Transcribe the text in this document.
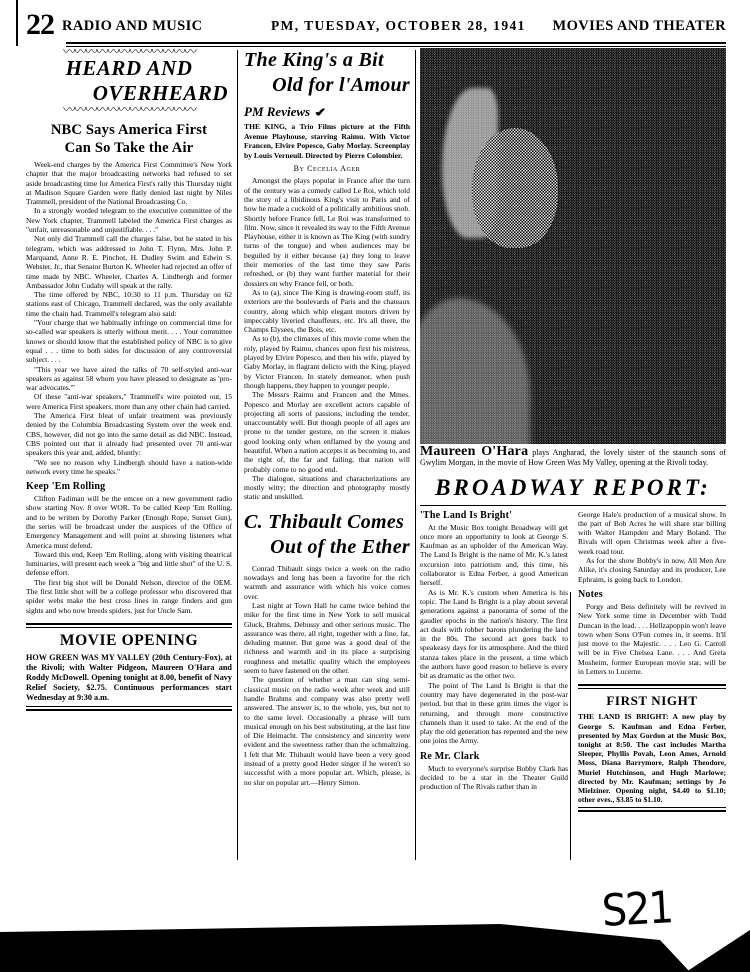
22 RADIO AND MUSIC	PM, TUESDAY, OCTOBER 28, 1941 MOVIES AND THEATER
〰〰〰〰〰〰〰〰〰〰〰〰
HEARD AND
OVERHEARD
〰〰〰〰〰〰〰〰〰〰〰〰
NBC Says America First
Can So Take the Air

Week-end charges by the America First Committee's New York chapter that the major broadcasting networks had refused to set aside broadcasting time for America First's rally this Thursday night at Madison Square Garden were flatly denied last night by Niles Trammell, president of the National Broadcasting Co.

In a strongly worded telegram to the executive committee of the New York chapter, Trammell labeled the America First charges as "unfair, unreasonable and unjustifiable. . . ."

Not only did Trammell call the charges false, but he stated in his telegram, which was addressed to John T. Flynn, Mrs. John P. Marquand, Anne R. E. Pinchot, H. Dudley Swim and Edwin S. Webster, Jr., that Senator Burton K. Wheeler had rejected an offer of time made by NBC. Wheeler, Charles A. Lindbergh and former Ambassador John Cudahy will speak at the rally.

The time offered by NBC, 10:30 to 11 p.m. Thursday on 62 stations east of Chicago, Trammell declared, was the only available time the chain had. Trammell's telegram also said:

"Your charge that we habitually infringe on commercial time for so-called war speakers is utterly without merit. . . . Your committee knows or should know that the established policy of NBC is to give equal . . . time to both sides for discussion of any controversial subject. . . .

"This year we have aired the talks of 70 self-styled anti-war speakers as against 58 whom you have pleased to designate as 'pro-war advocates.'"

Of these "anti-war speakers," Trammell's wire pointed out, 15 were America First speakers, more than any other chain had carried.

The America First bleat of unfair treatment was previously denied by the Columbia Broadcasting System over the week end. CBS, however, did not go into the same detail as did NBC. Instead, CBS pointed out that it already had presented over 70 anti-war speakers this year and, added, bluntly:

"We see no reason why Lindbergh should have a nation-wide network every time he speaks."

Keep 'Em Rolling

Clifton Fadiman will be the emcee on a new government radio show starting Nov. 8 over WOR. To be called Keep 'Em Rolling, and to be written by Dorothy Parker (Enough Rope, Sunset Gun), the series will be broadcast under the auspices of the Office of Emergency Management and will point at showing listeners what America must defend.

Toward this end, Keep 'Em Rolling, along with visiting theatrical luminaries, will present each week a "big and little shot" of the U. S. defense effort.

The first big shot will be Donald Nelson, director of the OEM. The first little shot will be a college professor who discovered that spider webs make the best cross lines in range finders and gun sights and who now breeds spiders, just for Uncle Sam.

MOVIE OPENING
HOW GREEN WAS MY VALLEY (20th Century-Fox), at the Rivoli; with Walter Pidgeon, Maureen O'Hara and Roddy McDowell. Opening tonight at 8.00, benefit of Navy Relief Society, $2.75. Continuous performances start Wednesday at 9:30 a.m.
The King's a Bit
Old for l'Amour
PM Reviews ✔
THE KING, a Trio Films picture at the Fifth Avenue Playhouse, starring Raimu. With Victor Francen, Elvire Popesco, Gaby Morlay. Screenplay by Louis Verneuil. Directed by Pierre Colombier.
By Cecelia Ager

Amongst the plays popular in France after the turn of the century was a comedy called Le Roi, which told the story of a libidinous King's visit to Paris and of how he made a cuckold of a politically ambitious snob. Shortly before France fell, Le Roi was transformed to film. Now, since it revealed its way to the Fifth Avenue Playhouse, either it is known as The King (with sundry turns of the tongue) and when audiences may be beguiled by it either because (a) they long to leave their memories of the last time they saw Paris refreshed, or (b) they want further material for their dossiers on why France fell, or both.

As to (a), since The King is drawing-room stuff, its exteriors are the boulevards of Paris and the chateaux country, along which whip elegant motors driven by impeccably liveried chauffeurs, etc. It's all there, the Champs Elysees, the Bois, etc.

As to (b), the climaxes of this movie come when the roly, played by Raimu, chances upon first his mistress, played by Elvire Popesco, and then his wife, played by Gaby Morlay, in flagrant delicto with the King, played by Victor Francen. In stately demeanor, when push though happens, they happen to younger people.

The Messrs Raimu and Francen and the Mmes. Popesco and Morlay are excellent actors capable of projecting all sorts of passions, including the tender, unaccountably well. But though people of all ages are prone to the tender gesture, on the screen it makes good looking only when enflamed by the young and beautiful. When a nation accepts it as becoming to, and the right of, the far and failing, that nation will probably come to no good end.

The dialogue, situations and characterizations are mostly witty; the direction and photography mostly static and unskilled.

C. Thibault Comes
Out of the Ether

Conrad Thibault sings twice a week on the radio nowadays and long has been a favorite for the rich warmth and assurance with which his voice comes over.

Last night at Town Hall he came twice behind the mike for the first time in New York to sell musical Gluck, Brahms, Debussy and other serious music. The assurance was there, all right, together with a fine, fat, deluding manner. But gone was a good deal of the richness and warmth and in its place a surprising roughness and metallic quality which the employees seem to have fastened on the other.

The question of whether a man can sing semi-classical music on the radio week after week and still handle Brahms and company was also pretty well answered. The answer is, to the whole, yes, but not to to the same level. Occasionally a phrase will turn musical enough on his best substituting, at the last line of Die Heimacht. The consistency and sincerity were evident and the sweetness rather than the schmaltzing. I felt that Mr. Thibault would have been a very good instead of a pretty good Heder singer if he weren't so successful with a more popular art. Which, please, is no slur on popular art.—Henry Simon.

Maureen O'Hara plays Angharad, the lovely sister of the staunch sons of Gwylim Morgan, in the movie of How Green Was My Valley, opening at the Rivoli today.
BROADWAY REPORT:
'The Land Is Bright'

At the Music Box tonight Broadway will get once more an opportunity to look at George S. Kaufman as an upholder of the American Way. The Land Is Bright is the name of Mr. K.'s latest excursion into patriotism and, this time, his collaborator is Edna Ferber, a good American herself.

As is Mr. K.'s custom when America is his topic. The Land Is Bright is a play about several generations against a panorama of some of the gaudier epochs in the nation's history. The first act deals with robber barons plundering the land in the 80s. The second act goes back to speakeasy days for its atmosphere. And the third stanza takes place in the present, a time which the authors have good reason to believe is every bit as dramatic as the other two.

The point of The Land Is Bright is that the country may have degenerated in the post-war period, but that in these grim times the vigor is returning, and through more constructive channels than it used to take. At the end of the play the old generation has repented and the new one joins the Army.

Re Mr. Clark

Much to everyone's surprise Bobby Clark has decided to be a star in the Theater Guild production of The Rivals rather than in

George Hale's production of a musical show. In the part of Bob Acres he will share star billing with Walter Hampden and Mary Boland. The Rivals will open Christmas week after a five-week road tour.

As for the show Bobby's in now, All Men Are Alike, it's closing Saturday and its producer, Lee Ephraim, is going back to London.

Notes

Porgy and Bess definitely will be revived in New York some time in December with Todd Duncan in the lead. . . . Hellzapoppin won't leave town when Sons O'Fun comes in, it seems. It'll just move to the Majestic. . . . Leo G. Carroll will be in Five Chelsea Lane. . . . And Greta Mosheim, former European movie star, will be in Letters to Lucerne.

FIRST NIGHT
THE LAND IS BRIGHT: A new play by George S. Kaufman and Edna Ferber, presented by Max Gordon at the Music Box, tonight at 8:50. The cast includes Martha Sleeper, Phyllis Povah, Leon Ames, Arnold Moss, Diana Barrymore, Ralph Theodore, Muriel Hutchinson, and Hugh Marlowe; directed by Mr. Kaufman; settings by Jo Mielziner. Opening night, $4.40 to $1.10; other eves., $3.85 to $1.10.
S21
